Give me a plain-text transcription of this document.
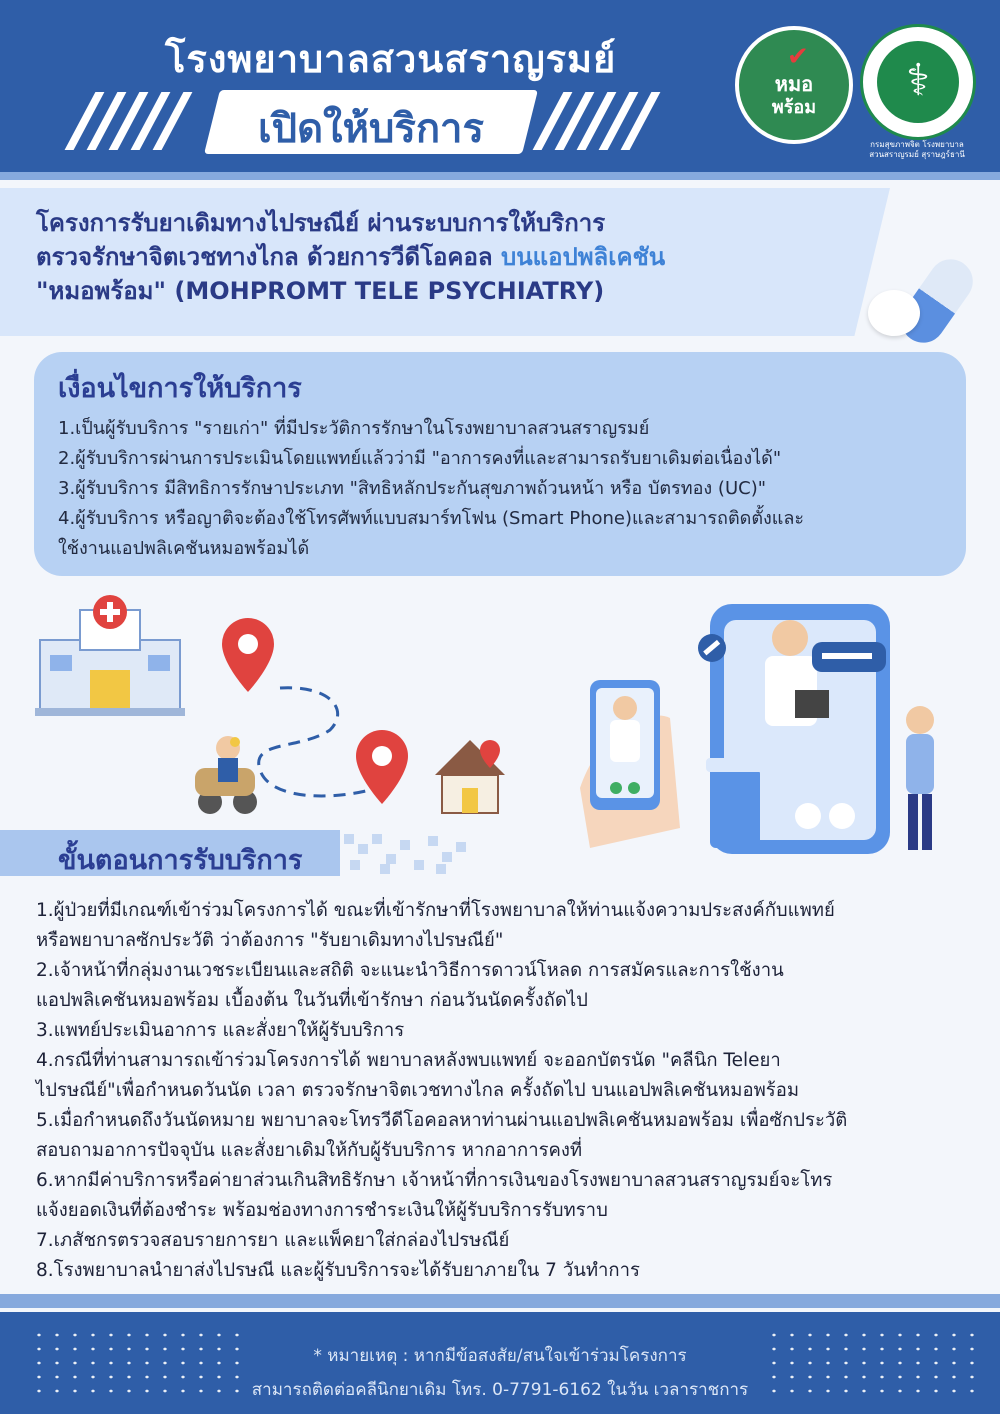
โรงพยาบาลสวนสราญรมย์
เปิดให้บริการ
✔
หมอ
พร้อม
⚕
กรมสุขภาพจิต โรงพยาบาลสวนสราญรมย์ สุราษฎร์ธานี
โครงการรับยาเดิมทางไปรษณีย์ ผ่านระบบการให้บริการ
ตรวจรักษาจิตเวชทางไกล ด้วยการวีดีโอคอล บนแอปพลิเคชัน
"หมอพร้อม" (MOHPROMT TELE PSYCHIATRY)
เงื่อนไขการให้บริการ
1.เป็นผู้รับบริการ "รายเก่า" ที่มีประวัติการรักษาในโรงพยาบาลสวนสราญรมย์
2.ผู้รับบริการผ่านการประเมินโดยแพทย์แล้วว่ามี "อาการคงที่และสามารถรับยาเดิมต่อเนื่องได้"
3.ผู้รับบริการ มีสิทธิการรักษาประเภท "สิทธิหลักประกันสุขภาพถ้วนหน้า หรือ บัตรทอง (UC)"
4.ผู้รับบริการ หรือญาติจะต้องใช้โทรศัพท์แบบสมาร์ทโฟน (Smart Phone)และสามารถติดตั้งและ
ใช้งานแอปพลิเคชันหมอพร้อมได้
ขั้นตอนการรับบริการ
1.ผู้ป่วยที่มีเกณฑ์เข้าร่วมโครงการได้ ขณะที่เข้ารักษาที่โรงพยาบาลให้ท่านแจ้งความประสงค์กับแพทย์
หรือพยาบาลซักประวัติ ว่าต้องการ "รับยาเดิมทางไปรษณีย์"
2.เจ้าหน้าที่กลุ่มงานเวชระเบียนและสถิติ จะแนะนำวิธีการดาวน์โหลด การสมัครและการใช้งาน
แอปพลิเคชันหมอพร้อม เบื้องต้น ในวันที่เข้ารักษา ก่อนวันนัดครั้งถัดไป
3.แพทย์ประเมินอาการ และสั่งยาให้ผู้รับบริการ
4.กรณีที่ท่านสามารถเข้าร่วมโครงการได้ พยาบาลหลังพบแพทย์ จะออกบัตรนัด "คลีนิก Teleยา
ไปรษณีย์"เพื่อกำหนดวันนัด เวลา ตรวจรักษาจิตเวชทางไกล ครั้งถัดไป บนแอปพลิเคชันหมอพร้อม
5.เมื่อกำหนดถึงวันนัดหมาย พยาบาลจะโทรวีดีโอคอลหาท่านผ่านแอปพลิเคชันหมอพร้อม เพื่อซักประวัติ
สอบถามอาการปัจจุบัน และสั่งยาเดิมให้กับผู้รับบริการ หากอาการคงที่
6.หากมีค่าบริการหรือค่ายาส่วนเกินสิทธิรักษา เจ้าหน้าที่การเงินของโรงพยาบาลสวนสราญรมย์จะโทร
แจ้งยอดเงินที่ต้องชำระ พร้อมช่องทางการชำระเงินให้ผู้รับบริการรับทราบ
7.เภสัชกรตรวจสอบรายการยา และแพ็คยาใส่กล่องไปรษณีย์
8.โรงพยาบาลนำยาส่งไปรษณี และผู้รับบริการจะได้รับยาภายใน 7 วันทำการ
* หมายเหตุ : หากมีข้อสงสัย/สนใจเข้าร่วมโครงการ
สามารถติดต่อคลีนิกยาเดิม โทร. 0-7791-6162 ในวัน เวลาราชการ
